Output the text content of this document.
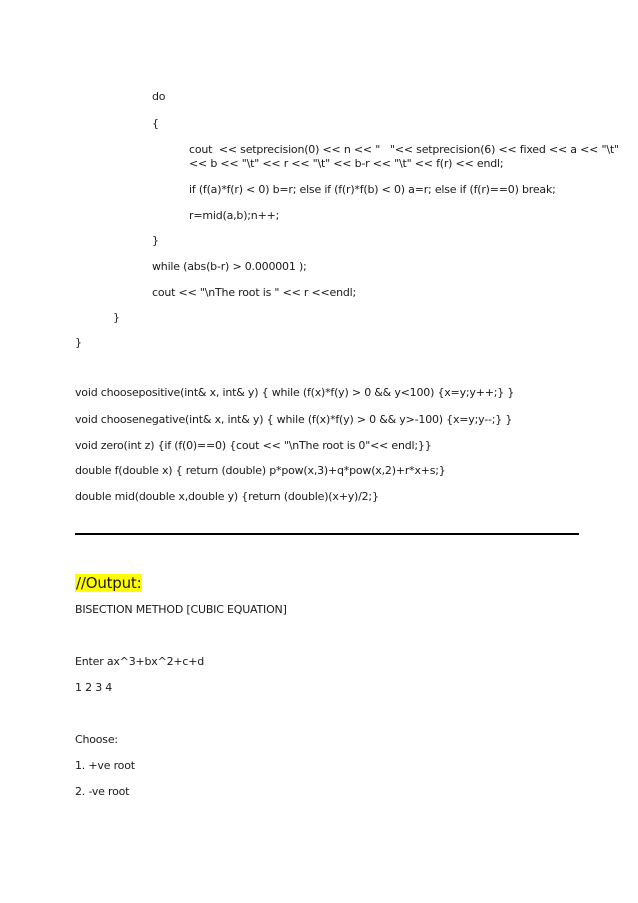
do
{
cout  << setprecision(0) << n << "   "<< setprecision(6) << fixed << a << "\t"
<< b << "\t" << r << "\t" << b-r << "\t" << f(r) << endl;
if (f(a)*f(r) < 0) b=r; else if (f(r)*f(b) < 0) a=r; else if (f(r)==0) break;
r=mid(a,b);n++;
}
while (abs(b-r) > 0.000001 );
cout << "\nThe root is " << r <<endl;
}
}
void choosepositive(int& x, int& y) { while (f(x)*f(y) > 0 && y<100) {x=y;y++;} }
void choosenegative(int& x, int& y) { while (f(x)*f(y) > 0 && y>-100) {x=y;y--;} }
void zero(int z) {if (f(0)==0) {cout << "\nThe root is 0"<< endl;}}
double f(double x) { return (double) p*pow(x,3)+q*pow(x,2)+r*x+s;}
double mid(double x,double y) {return (double)(x+y)/2;}
//Output:
BISECTION METHOD [CUBIC EQUATION]
Enter ax^3+bx^2+c+d
1 2 3 4
Choose:
1. +ve root
2. -ve root
